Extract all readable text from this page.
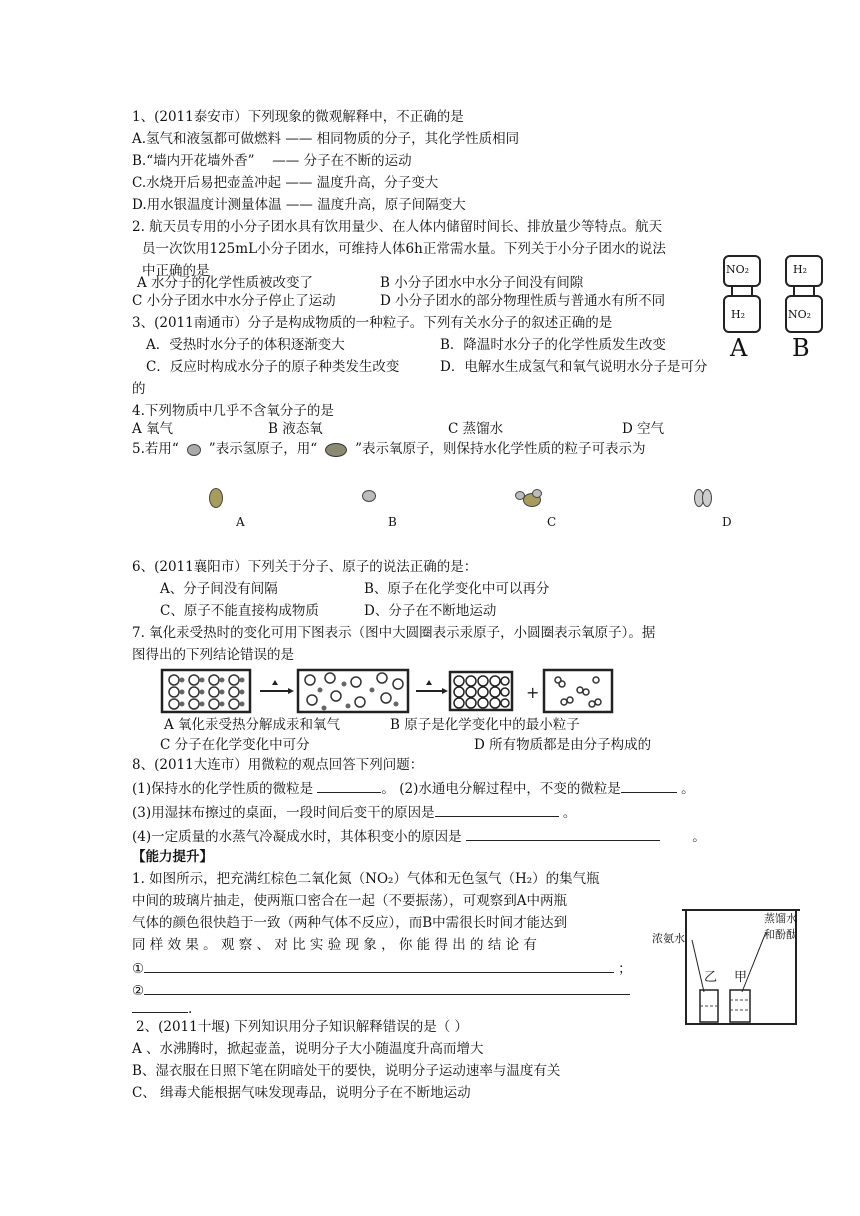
1、(2011泰安市）下列现象的微观解释中，不正确的是
A.氢气和液氢都可做燃料 —— 相同物质的分子，其化学性质相同
B.“墙内开花墙外香”　 —— 分子在不断的运动
C.水烧开后易把壶盖冲起 —— 温度升高，分子变大
D.用水银温度计测量体温 —— 温度升高，原子间隔变大
2. 航天员专用的小分子团水具有饮用量少、在人体内储留时间长、排放量少等特点。航天
员一次饮用125mL小分子团水，可维持人体6h正常需水量。下列关于小分子团水的说法
中正确的是
A 水分子的化学性质被改变了	B 小分子团水中水分子间没有间隙
C 小分子团水中水分子停止了运动	D 小分子团水的部分物理性质与普通水有所不同
NO₂
H₂
H₂
NO₂
A B
3、(2011南通市）分子是构成物质的一种粒子。下列有关水分子的叙述正确的是
A．受热时水分子的体积逐渐变大	B．降温时水分子的化学性质发生改变
C．反应时构成水分子的原子种类发生改变	D．电解水生成氢气和氧气说明水分子是可分
的
4.下列物质中几乎不含氧分子的是
A 氧气	B 液态氧	C 蒸馏水	D 空气
5.若用“ ”表示氢原子，用“	”表示氧原子，则保持水化学性质的粒子可表示为
A	B	C	D
6、(2011襄阳市）下列关于分子、原子的说法正确的是：
A、分子间没有间隔	B、原子在化学变化中可以再分
C、原子不能直接构成物质	D、分子在不断地运动
7. 氧化汞受热时的变化可用下图表示（图中大圆圈表示汞原子，小圆圈表示氧原子）。据
图得出的下列结论错误的是
+
A 氧化汞受热分解成汞和氧气	B 原子是化学变化中的最小粒子
C 分子在化学变化中可分	D 所有物质都是由分子构成的
8、(2011大连市）用微粒的观点回答下列问题：
(1)保持水的化学性质的微粒是	。 (2)水通电分解过程中，不变的微粒是	。
(3)用湿抹布擦过的桌面，一段时间后变干的原因是	。
(4)一定质量的水蒸气冷凝成水时，其体积变小的原因是	。
【能力提升】
1. 如图所示，把充满红棕色二氧化氮（NO₂）气体和无色氢气（H₂）的集气瓶
中间的玻璃片抽走，使两瓶口密合在一起（不要振荡），可观察到A中两瓶
气体的颜色很快趋于一致（两种气体不反应），而B中需很长时间才能达到
同 样 效 果 。 观 察 、 对 比 实 验 现 象 ， 你 能 得 出 的 结 论 有
①	；
②
.
浓氨水
蒸馏水
和酚酞
乙 甲
2、(2011十堰) 下列知识用分子知识解释错误的是（ ）
A 、水沸腾时，掀起壶盖，说明分子大小随温度升高而增大
B、湿衣服在日照下笔在阴暗处干的要快，说明分子运动速率与温度有关
C、 缉毒犬能根据气味发现毒品，说明分子在不断地运动
